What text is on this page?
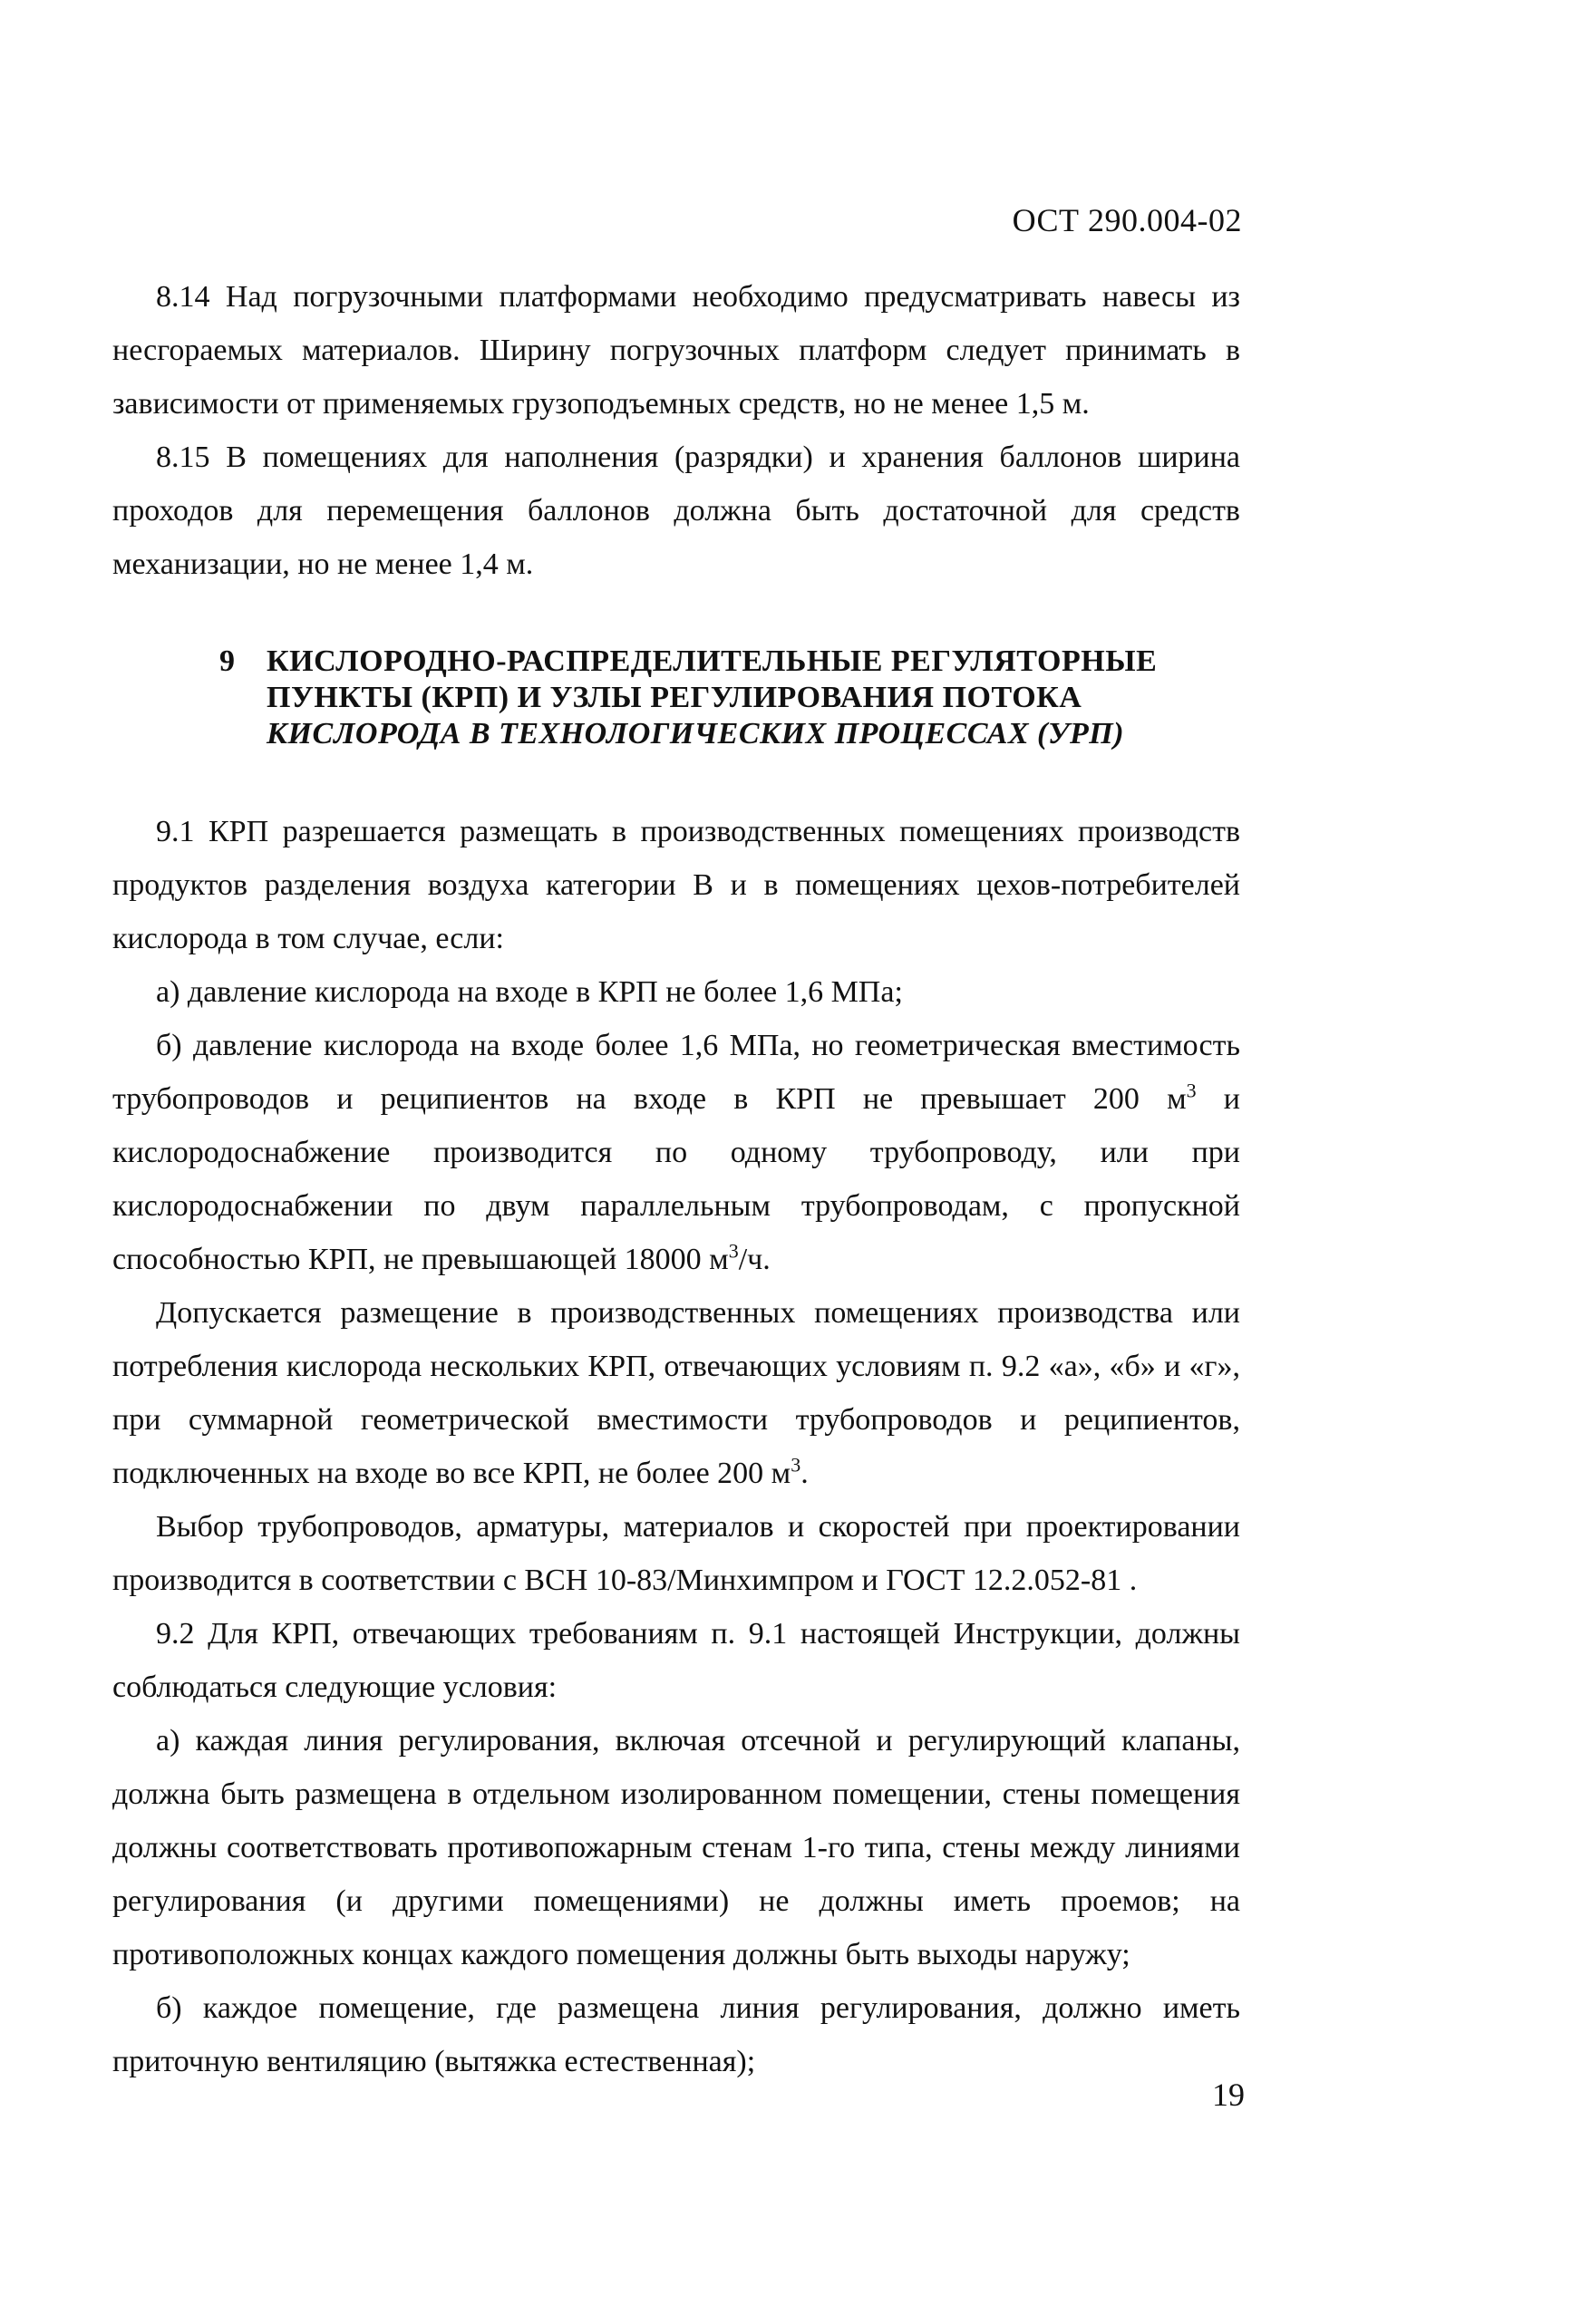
ОСТ 290.004-02

8.14 Над погрузочными платформами необходимо предусматривать навесы из несгораемых материалов. Ширину погрузочных платформ следует принимать в зависимости от применяемых грузоподъемных средств, но не менее 1,5 м.

8.15 В помещениях для наполнения (разрядки) и хранения баллонов ширина проходов для перемещения баллонов должна быть достаточной для средств механизации, но не менее 1,4 м.

9 КИСЛОРОДНО-РАСПРЕДЕЛИТЕЛЬНЫЕ РЕГУЛЯТОРНЫЕ
ПУНКТЫ (КРП) И УЗЛЫ РЕГУЛИРОВАНИЯ ПОТОКА
КИСЛОРОДА В ТЕХНОЛОГИЧЕСКИХ ПРОЦЕССАХ (УРП)

9.1 КРП разрешается размещать в производственных помещениях производств продуктов разделения воздуха категории В и в помещениях цехов-потребителей кислорода в том случае, если:

а) давление кислорода на входе в КРП не более 1,6 МПа;

б) давление кислорода на входе более 1,6 МПа, но геометрическая вместимость трубопроводов и реципиентов на входе в КРП не превышает 200 $м^3$ и кислородоснабжение производится по одному трубопроводу, или при кислородоснабжении по двум параллельным трубопроводам, с пропускной способностью КРП, не превышающей 18000 $м^3/ч$.

Допускается размещение в производственных помещениях производства или потребления кислорода нескольких КРП, отвечающих условиям п. 9.2 «а», «б» и «г», при суммарной геометрической вместимости трубопроводов и реципиентов, подключенных на входе во все КРП, не более 200 $м^3$.

Выбор трубопроводов, арматуры, материалов и скоростей при проектировании производится в соответствии с ВСН 10-83/Минхимпром и ГОСТ 12.2.052-81 .

9.2 Для КРП, отвечающих требованиям п. 9.1 настоящей Инструкции, должны соблюдаться следующие условия:

а) каждая линия регулирования, включая отсечной и регулирующий клапаны, должна быть размещена в отдельном изолированном помещении, стены помещения должны соответствовать противопожарным стенам 1-го типа, стены между линиями регулирования (и другими помещениями) не должны иметь проемов; на противоположных концах каждого помещения должны быть выходы наружу;

б) каждое помещение, где размещена линия регулирования, должно иметь приточную вентиляцию (вытяжка естественная);

19
